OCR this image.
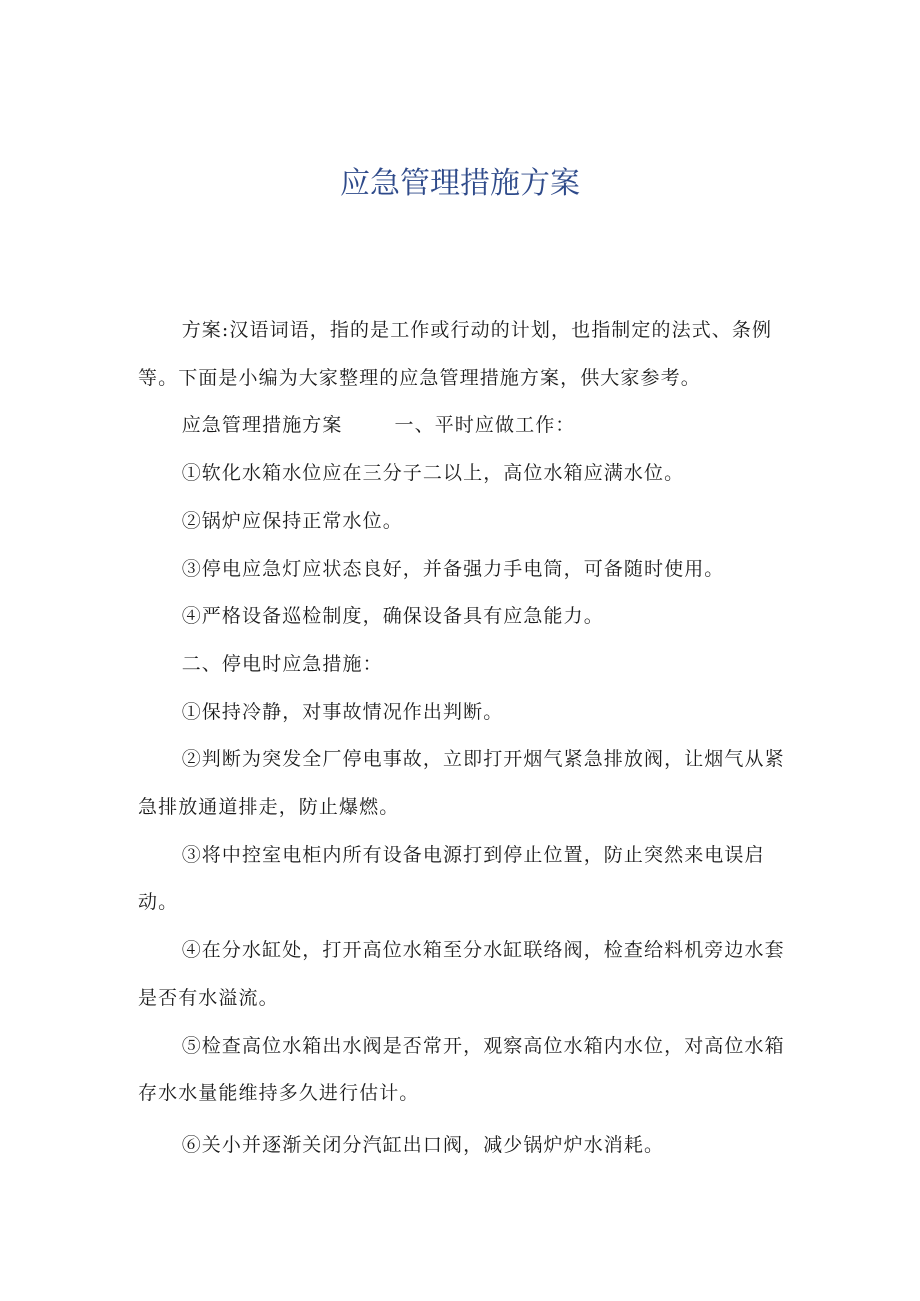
应急管理措施方案

方案:汉语词语，指的是工作或行动的计划，也指制定的法式、条例等。下面是小编为大家整理的应急管理措施方案，供大家参考。

应急管理措施方案	一、平时应做工作：

①软化水箱水位应在三分子二以上，高位水箱应满水位。

②锅炉应保持正常水位。

③停电应急灯应状态良好，并备强力手电筒，可备随时使用。

④严格设备巡检制度，确保设备具有应急能力。

二、停电时应急措施：

①保持冷静，对事故情况作出判断。

②判断为突发全厂停电事故，立即打开烟气紧急排放阀，让烟气从紧急排放通道排走，防止爆燃。

③将中控室电柜内所有设备电源打到停止位置，防止突然来电误启动。

④在分水缸处，打开高位水箱至分水缸联络阀，检查给料机旁边水套是否有水溢流。

⑤检查高位水箱出水阀是否常开，观察高位水箱内水位，对高位水箱存水水量能维持多久进行估计。

⑥关小并逐渐关闭分汽缸出口阀，减少锅炉炉水消耗。
